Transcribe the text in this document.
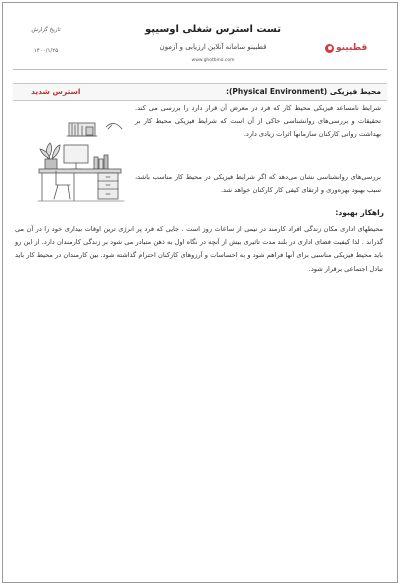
قطبینو
تست استرس شغلی اوسیپو
قطبینو سامانه آنلاین ارزیابی و آزمون
www.ghotbino.com
تاریخ گزارش
۱۴۰۰/۱/۲۵
محیط فیزیکی (Physical Environment):
استرس شدید
شرایط نامساعد فیزیکی محیط کار که فرد در معرض آن قرار دارد را بررسی می کند. تحقیقات و بررسی‌های روانشناسی حاکی از آن است که شرایط فیزیکی محیط کار بر بهداشت روانی کارکنان سازمانها اثرات زیادی دارد.
بررسی‌های روانشناسی نشان می‌دهد که اگر شرایط فیزیکی در محیط کار مناسب باشد، سبب بهبود بهره‌وری و ارتقای کیفی کار کارکنان خواهد شد.
راهکار بهبود:
محیطهای اداری مکان زندگی افراد کارمند در نیمی از ساعات روز است . جایی که فرد پر انرژی ترین اوقات بیداری خود را در آن می گذراند . لذا کیفیت فضای اداری در بلند مدت تاثیری بیش از آنچه در نگاه اول به ذهن متبادر می شود بر زندگی کارمندان دارد. از این رو باید محیط فیزیکی مناسبی برای آنها فراهم شود و به احساسات و آرزوهای کارکنان احترام گذاشته شود. بین کارمندان در محیط کار باید تبادل اجتماعی برقرار شود.
